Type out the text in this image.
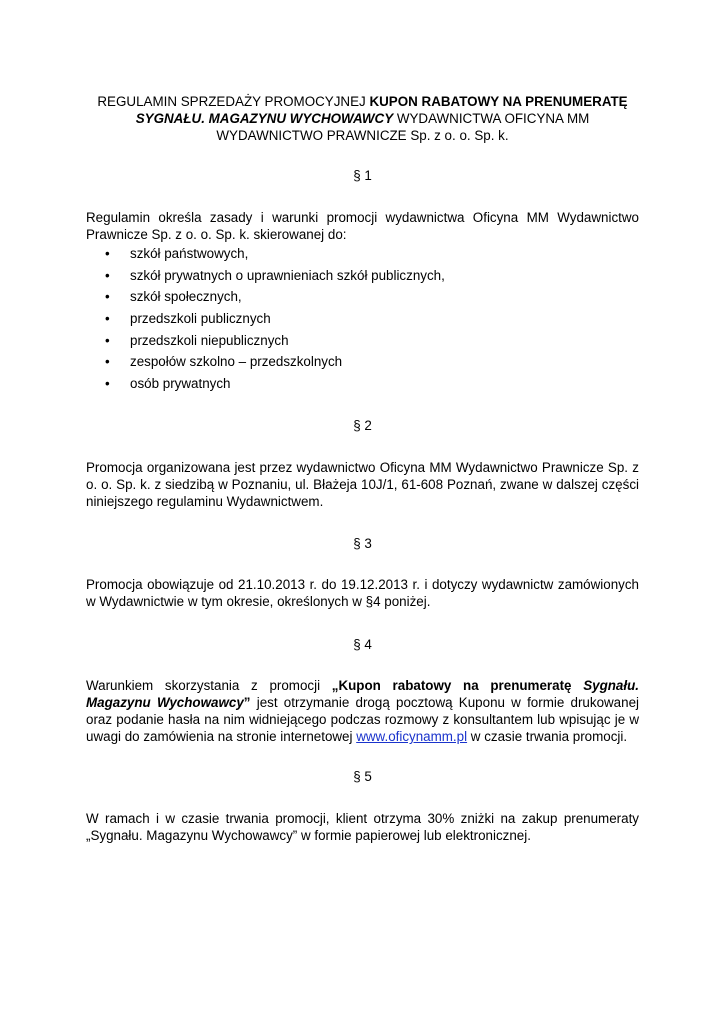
REGULAMIN SPRZEDAŻY PROMOCYJNEJ KUPON RABATOWY NA PRENUMERATĘ
SYGNAŁU. MAGAZYNU WYCHOWAWCY WYDAWNICTWA OFICYNA MM
WYDAWNICTWO PRAWNICZE Sp. z o. o. Sp. k.
§ 1
Regulamin określa zasady i warunki promocji wydawnictwa Oficyna MM Wydawnictwo
Prawnicze Sp. z o. o. Sp. k. skierowanej do:
• szkół państwowych,
• szkół prywatnych o uprawnieniach szkół publicznych,
• szkół społecznych,
• przedszkoli publicznych
• przedszkoli niepublicznych
• zespołów szkolno – przedszkolnych
• osób prywatnych
§ 2
Promocja organizowana jest przez wydawnictwo Oficyna MM Wydawnictwo Prawnicze Sp. z
o. o. Sp. k. z siedzibą w Poznaniu, ul. Błażeja 10J/1, 61-608 Poznań, zwane w dalszej części
niniejszego regulaminu Wydawnictwem.
§ 3
Promocja obowiązuje od 21.10.2013 r. do 19.12.2013 r. i dotyczy wydawnictw zamówionych
w Wydawnictwie w tym okresie, określonych w §4 poniżej.
§ 4
Warunkiem skorzystania z promocji „Kupon rabatowy na prenumeratę Sygnału.
Magazynu Wychowawcy” jest otrzymanie drogą pocztową Kuponu w formie drukowanej
oraz podanie hasła na nim widniejącego podczas rozmowy z konsultantem lub wpisując je w
uwagi do zamówienia na stronie internetowej www.oficynamm.pl w czasie trwania promocji.
§ 5
W ramach i w czasie trwania promocji, klient otrzyma 30% zniżki na zakup prenumeraty
„Sygnału. Magazynu Wychowawcy” w formie papierowej lub elektronicznej.
